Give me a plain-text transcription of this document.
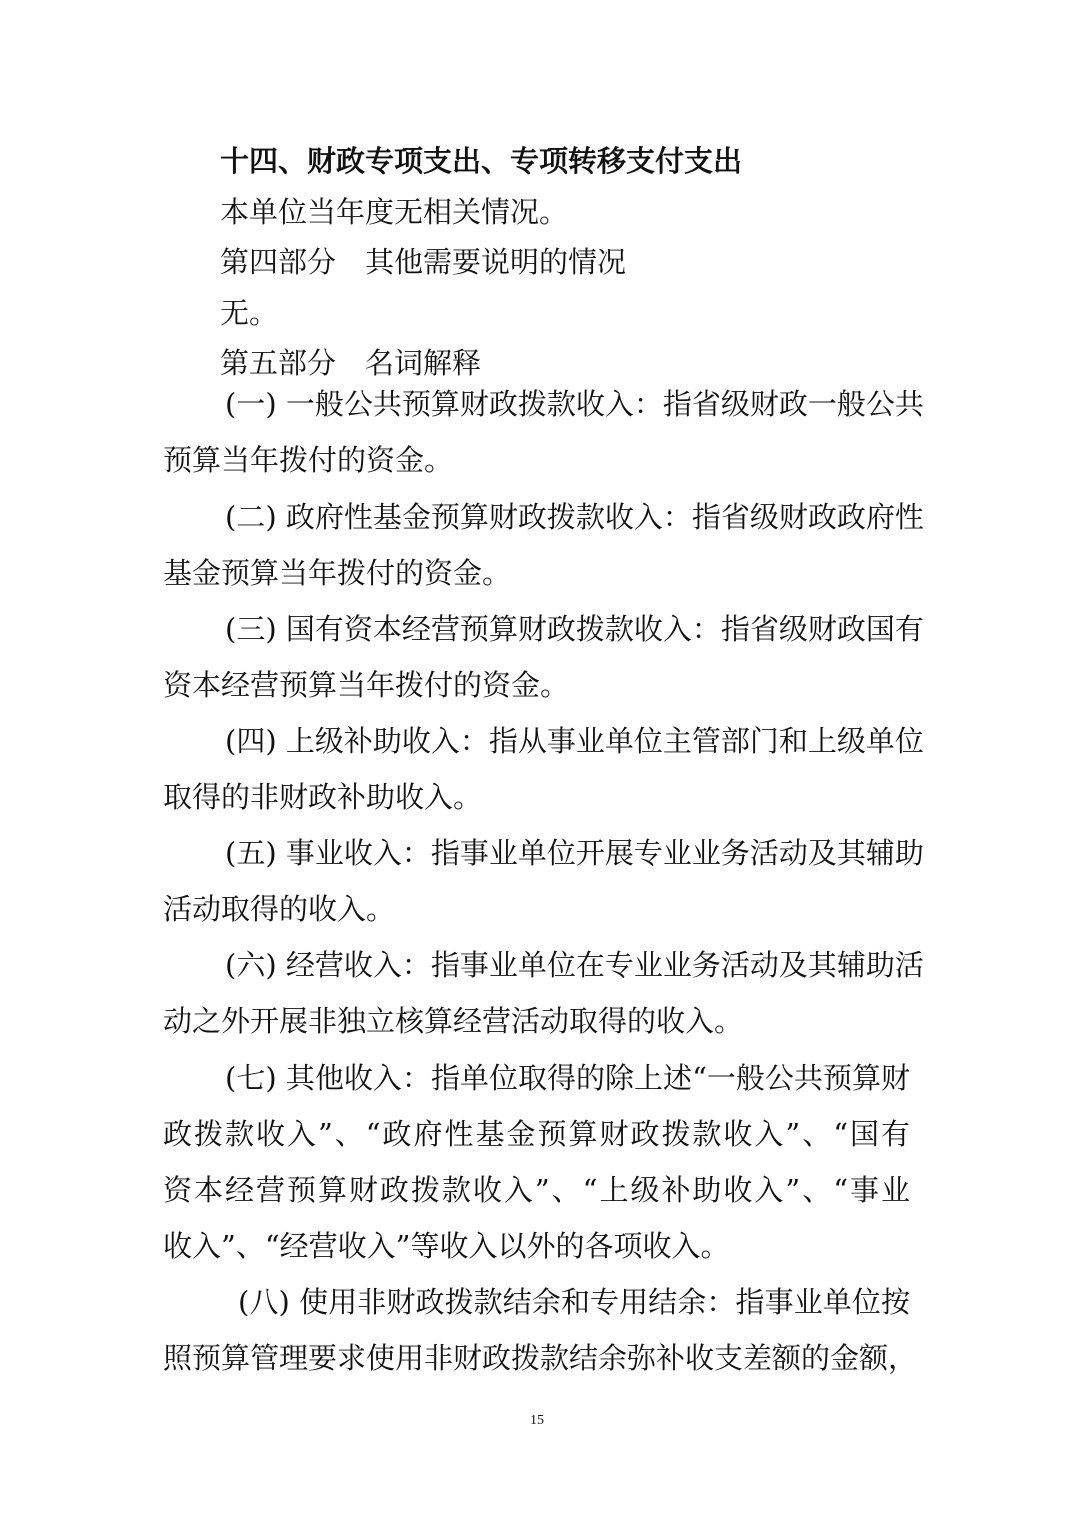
十四、财政专项支出、专项转移支付支出
本单位当年度无相关情况。
第四部分　其他需要说明的情况
无。
第五部分　名词解释
(一) 一般公共预算财政拨款收入：指省级财政一般公共
预算当年拨付的资金。
(二) 政府性基金预算财政拨款收入：指省级财政政府性
基金预算当年拨付的资金。
(三) 国有资本经营预算财政拨款收入：指省级财政国有
资本经营预算当年拨付的资金。
(四) 上级补助收入：指从事业单位主管部门和上级单位
取得的非财政补助收入。
(五) 事业收入：指事业单位开展专业业务活动及其辅助
活动取得的收入。
(六) 经营收入：指事业单位在专业业务活动及其辅助活
动之外开展非独立核算经营活动取得的收入。
(七) 其他收入：指单位取得的除上述“一般公共预算财
政拨款收入”、“政府性基金预算财政拨款收入”、“国有
资本经营预算财政拨款收入”、“上级补助收入”、“事业
收入”、“经营收入”等收入以外的各项收入。
(八) 使用非财政拨款结余和专用结余：指事业单位按
照预算管理要求使用非财政拨款结余弥补收支差额的金额，
15
